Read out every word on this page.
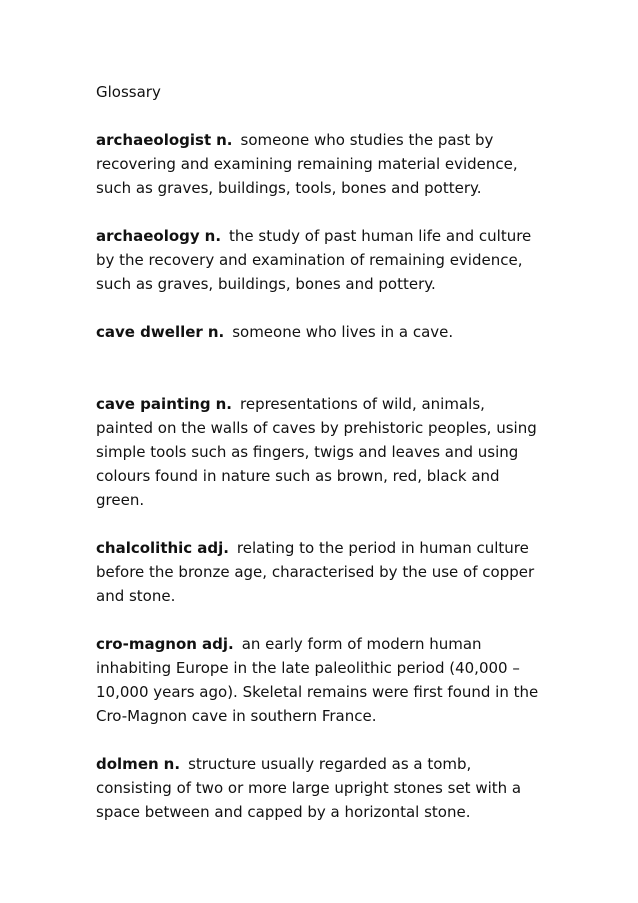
Glossary
archaeologist n. someone who studies the past by recovering and examining remaining material evidence, such as graves, buildings, tools, bones and pottery.
archaeology n. the study of past human life and culture by the recovery and examination of remaining evidence, such as graves, buildings, bones and pottery.
cave dweller n. someone who lives in a cave.
cave painting n. representations of wild, animals, painted on the walls of caves by prehistoric peoples, using simple tools such as fingers, twigs and leaves and using colours found in nature such as brown, red, black and green.
chalcolithic adj. relating to the period in human culture before the bronze age, characterised by the use of copper and stone.
cro-magnon adj. an early form of modern human inhabiting Europe in the late paleolithic period (40,000 – 10,000 years ago). Skeletal remains were first found in the Cro-Magnon cave in southern France.
dolmen n. structure usually regarded as a tomb, consisting of two or more large upright stones set with a space between and capped by a horizontal stone.
